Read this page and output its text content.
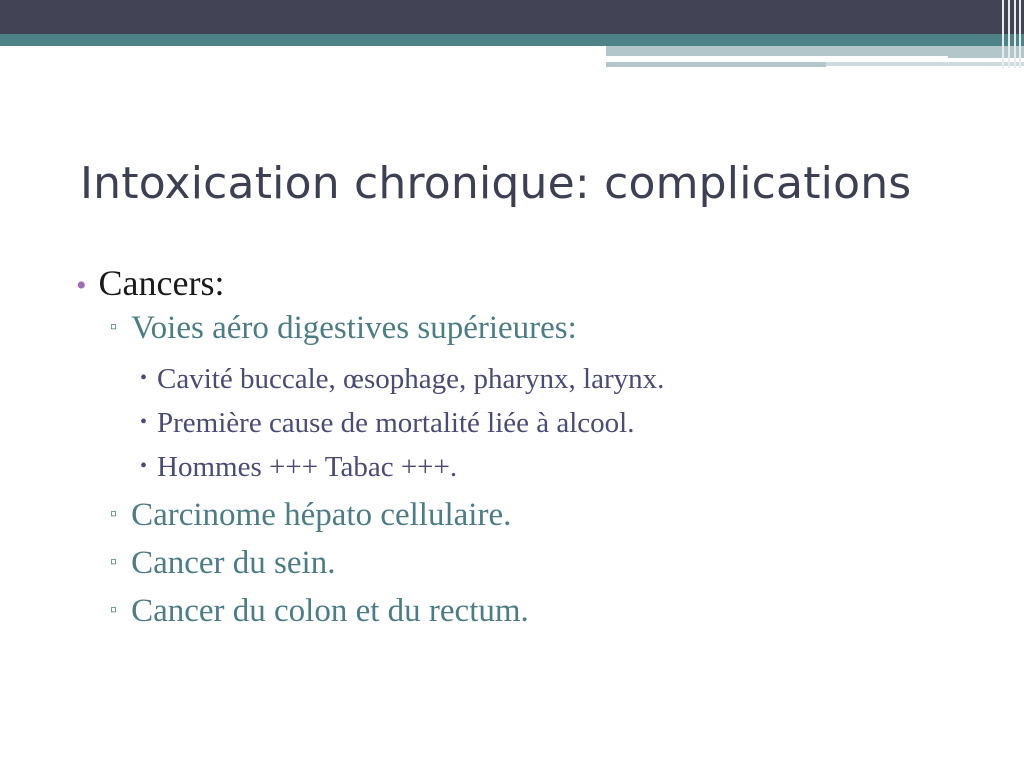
Intoxication chronique: complications
• Cancers:
▫ Voies aéro digestives supérieures:
• Cavité buccale, œsophage, pharynx, larynx.
• Première cause de mortalité liée à alcool.
• Hommes +++ Tabac +++.
▫ Carcinome hépato cellulaire.
▫ Cancer du sein.
▫ Cancer du colon et du rectum.
